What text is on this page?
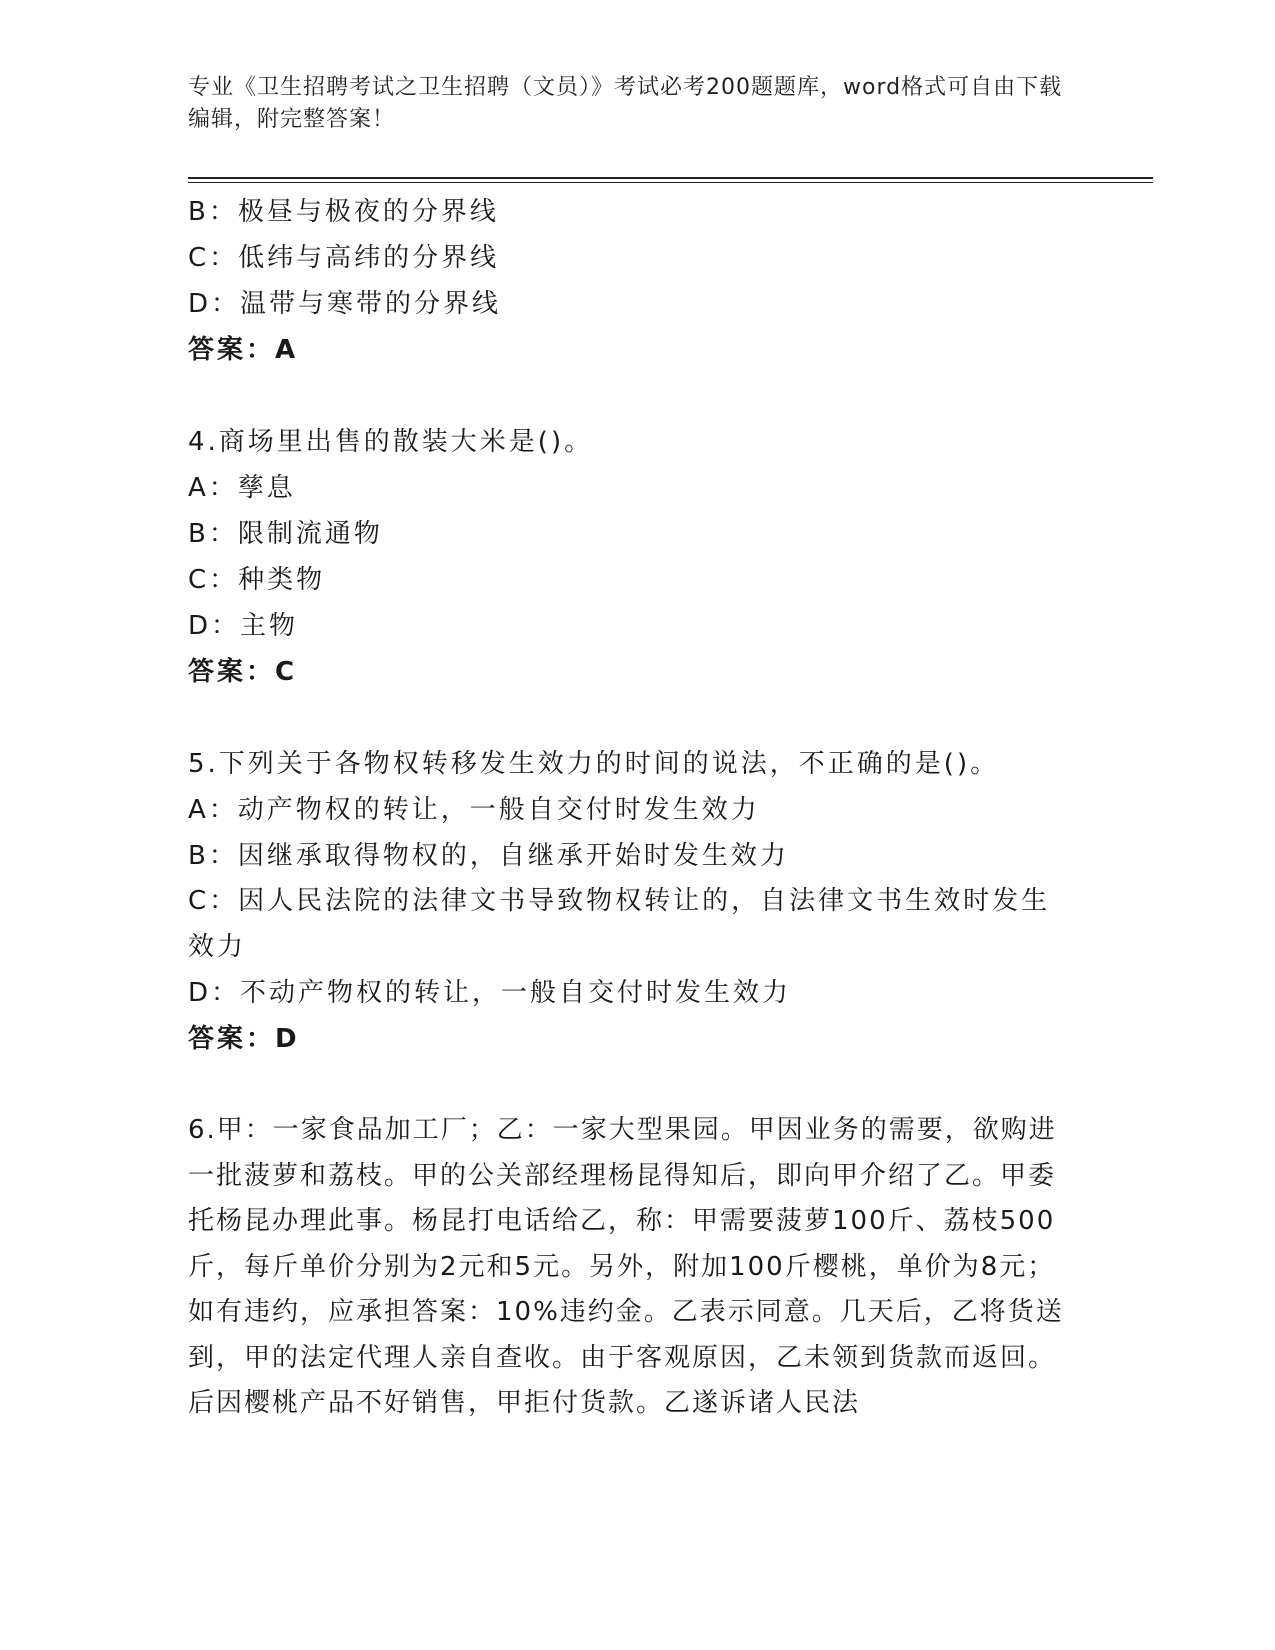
专业《卫生招聘考试之卫生招聘（文员）》考试必考200题题库，word格式可自由下载编辑，附完整答案！
B：极昼与极夜的分界线
C：低纬与高纬的分界线
D：温带与寒带的分界线
答案：A
4.商场里出售的散装大米是()。
A：孳息
B：限制流通物
C：种类物
D：主物
答案：C
5.下列关于各物权转移发生效力的时间的说法，不正确的是()。
A：动产物权的转让，一般自交付时发生效力
B：因继承取得物权的，自继承开始时发生效力

C：因人民法院的法律文书导致物权转让的，自法律文书生效时发生效力

D：不动产物权的转让，一般自交付时发生效力
答案：D

6.甲：一家食品加工厂；乙：一家大型果园。甲因业务的需要，欲购进一批菠萝和荔枝。甲的公关部经理杨昆得知后，即向甲介绍了乙。甲委托杨昆办理此事。杨昆打电话给乙，称：甲需要菠萝100斤、荔枝500斤，每斤单价分别为2元和5元。另外，附加100斤樱桃，单价为8元；如有违约，应承担答案：10%违约金。乙表示同意。几天后，乙将货送到，甲的法定代理人亲自查收。由于客观原因，乙未领到货款而返回。后因樱桃产品不好销售，甲拒付货款。乙遂诉诸人民法
